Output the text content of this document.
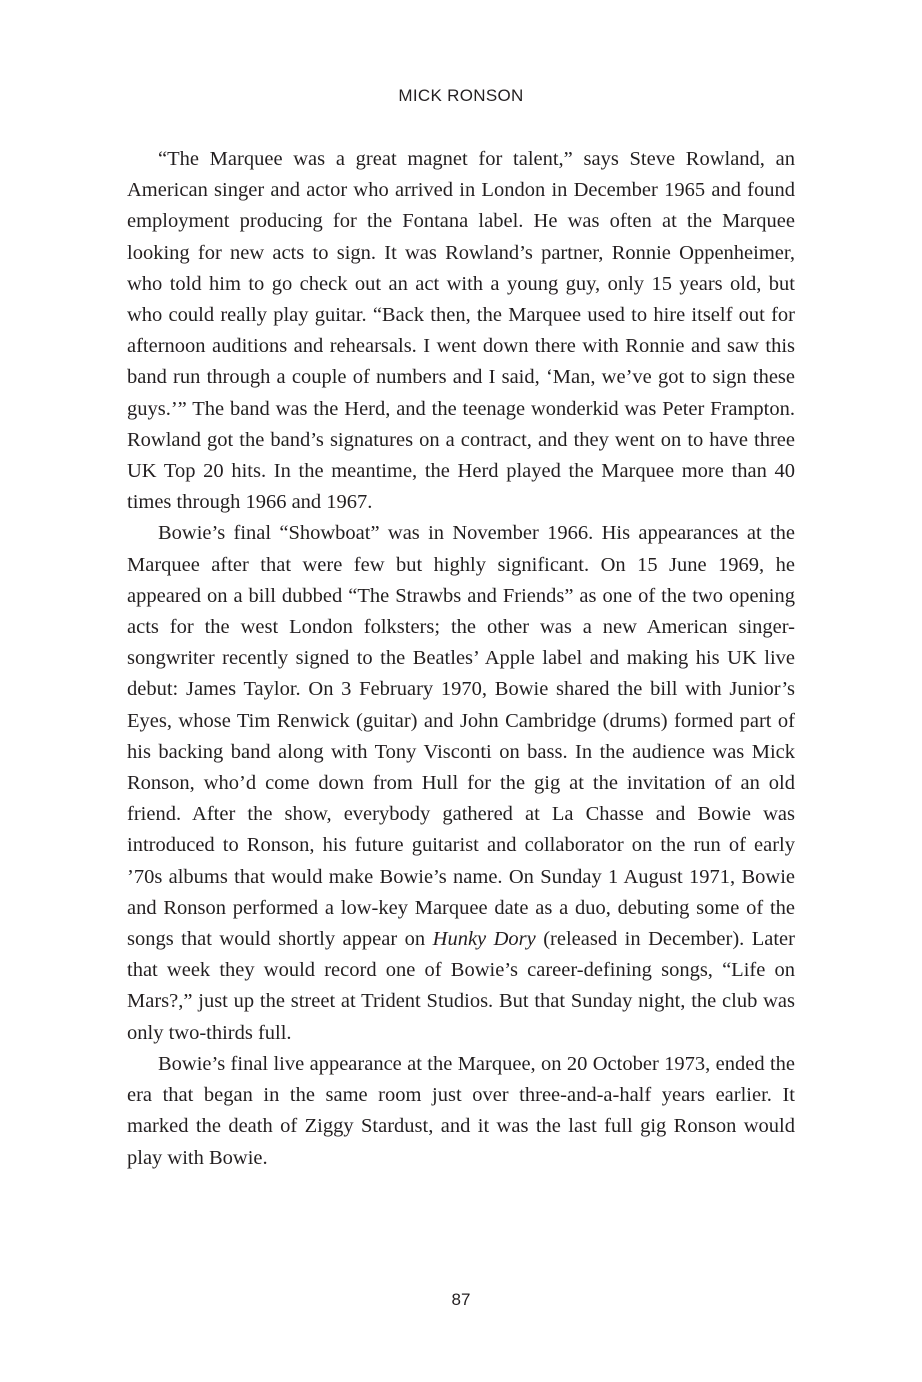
MICK RONSON

“The Marquee was a great magnet for talent,” says Steve Rowland, an American singer and actor who arrived in London in December 1965 and found employment producing for the Fontana label. He was often at the Marquee looking for new acts to sign. It was Rowland’s partner, Ronnie Oppenheimer, who told him to go check out an act with a young guy, only 15 years old, but who could really play guitar. “Back then, the Marquee used to hire itself out for afternoon auditions and rehearsals. I went down there with Ronnie and saw this band run through a couple of numbers and I said, ‘Man, we’ve got to sign these guys.’” The band was the Herd, and the teenage wonderkid was Peter Frampton. Rowland got the band’s signatures on a contract, and they went on to have three UK Top 20 hits. In the meantime, the Herd played the Marquee more than 40 times through 1966 and 1967.

Bowie’s final “Showboat” was in November 1966. His appearances at the Marquee after that were few but highly significant. On 15 June 1969, he appeared on a bill dubbed “The Strawbs and Friends” as one of the two opening acts for the west London folksters; the other was a new American singer-songwriter recently signed to the Beatles’ Apple label and making his UK live debut: James Taylor. On 3 February 1970, Bowie shared the bill with Junior’s Eyes, whose Tim Renwick (guitar) and John Cambridge (drums) formed part of his backing band along with Tony Visconti on bass. In the audience was Mick Ronson, who’d come down from Hull for the gig at the invitation of an old friend. After the show, everybody gathered at La Chasse and Bowie was introduced to Ronson, his future guitarist and collaborator on the run of early ’70s albums that would make Bowie’s name. On Sunday 1 August 1971, Bowie and Ronson performed a low-key Marquee date as a duo, debuting some of the songs that would shortly appear on Hunky Dory (released in December). Later that week they would record one of Bowie’s career-defining songs, “Life on Mars?,” just up the street at Trident Studios. But that Sunday night, the club was only two-thirds full.

Bowie’s final live appearance at the Marquee, on 20 October 1973, ended the era that began in the same room just over three-and-a-half years earlier. It marked the death of Ziggy Stardust, and it was the last full gig Ronson would play with Bowie.

87
